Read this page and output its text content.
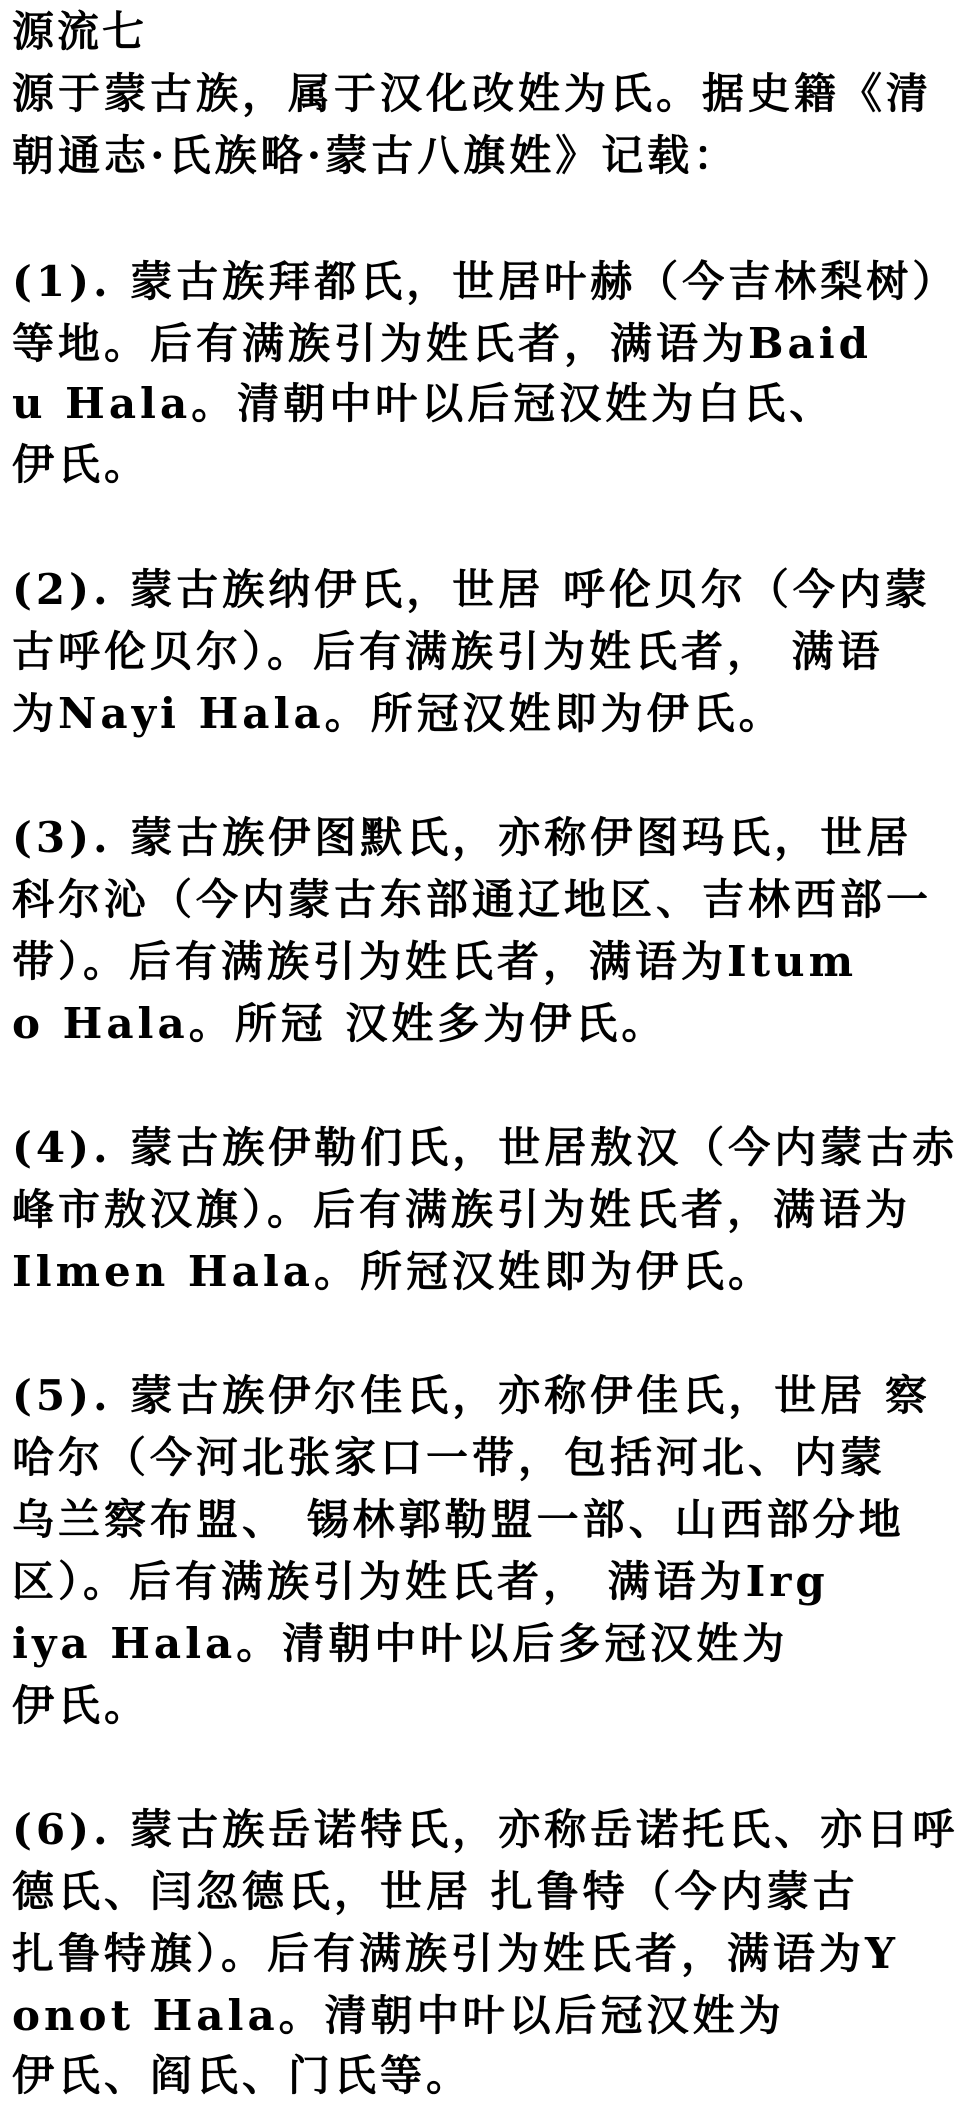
源流七
源于蒙古族，属于汉化改姓为氏。据史籍《清
朝通志·氏族略·蒙古八旗姓》记载：
(1). 蒙古族拜都氏，世居叶赫（今吉林梨树）
等地。后有满族引为姓氏者，满语为Baid
u Hala。清朝中叶以后冠汉姓为白氏、
伊氏。
(2). 蒙古族纳伊氏，世居 呼伦贝尔（今内蒙
古呼伦贝尔）。后有满族引为姓氏者， 满语
为Nayi Hala。所冠汉姓即为伊氏。
(3). 蒙古族伊图默氏，亦称伊图玛氏，世居
科尔沁（今内蒙古东部通辽地区、吉林西部一
带）。后有满族引为姓氏者，满语为Itum
o Hala。所冠 汉姓多为伊氏。
(4). 蒙古族伊勒们氏，世居敖汉（今内蒙古赤
峰市敖汉旗）。后有满族引为姓氏者，满语为
Ilmen Hala。所冠汉姓即为伊氏。
(5). 蒙古族伊尔佳氏，亦称伊佳氏，世居 察
哈尔（今河北张家口一带，包括河北、内蒙
乌兰察布盟、 锡林郭勒盟一部、山西部分地
区）。后有满族引为姓氏者， 满语为Irg
iya Hala。清朝中叶以后多冠汉姓为
伊氏。
(6). 蒙古族岳诺特氏，亦称岳诺托氏、亦日呼
德氏、闫忽德氏，世居 扎鲁特（今内蒙古
扎鲁特旗）。后有满族引为姓氏者，满语为Y
onot Hala。清朝中叶以后冠汉姓为
伊氏、阎氏、门氏等。
